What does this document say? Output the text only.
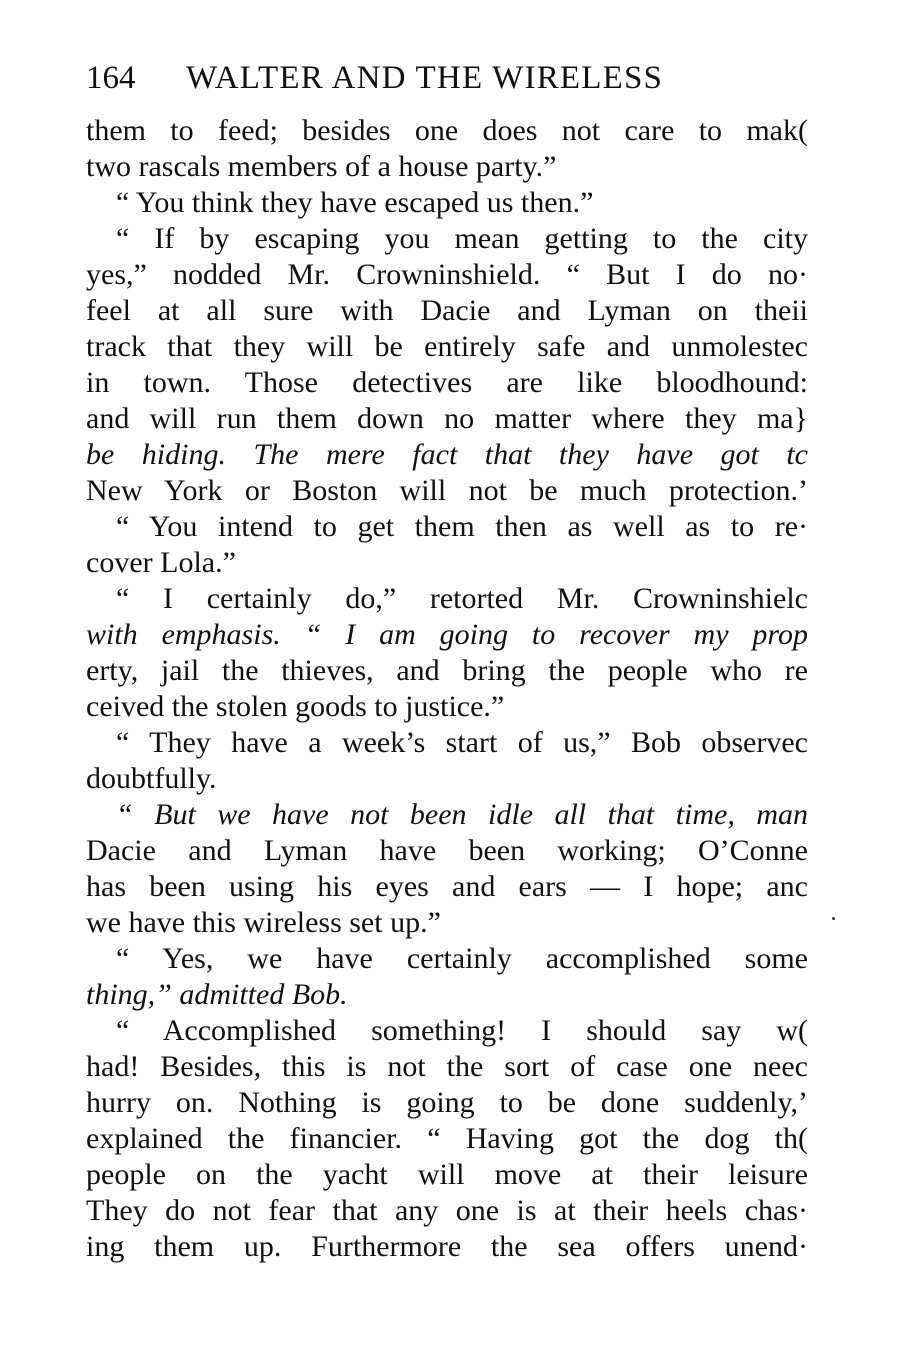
164 WALTER AND THE WIRELESS
them to feed; besides one does not care to mak(
two rascals members of a house party.”
“ You think they have escaped us then.”
“ If by escaping you mean getting to the city
yes,” nodded Mr. Crowninshield. “ But I do no·
feel at all sure with Dacie and Lyman on theii
track that they will be entirely safe and unmolestec
in town. Those detectives are like bloodhound:
and will run them down no matter where they ma}
be hiding. The mere fact that they have got tc
New York or Boston will not be much protection.’
“ You intend to get them then as well as to re·
cover Lola.”
“ I certainly do,” retorted Mr. Crowninshielc
with emphasis. “ I am going to recover my prop
erty, jail the thieves, and bring the people who re
ceived the stolen goods to justice.”
“ They have a week’s start of us,” Bob observec
doubtfully.
“ But we have not been idle all that time, man
Dacie and Lyman have been working; O’Conne
has been using his eyes and ears — I hope; anc
we have this wireless set up.”
“ Yes, we have certainly accomplished some
thing,” admitted Bob.
“ Accomplished something! I should say w(
had! Besides, this is not the sort of case one neec
hurry on. Nothing is going to be done suddenly,’
explained the financier. “ Having got the dog th(
people on the yacht will move at their leisure
They do not fear that any one is at their heels chas·
ing them up. Furthermore the sea offers unend·
